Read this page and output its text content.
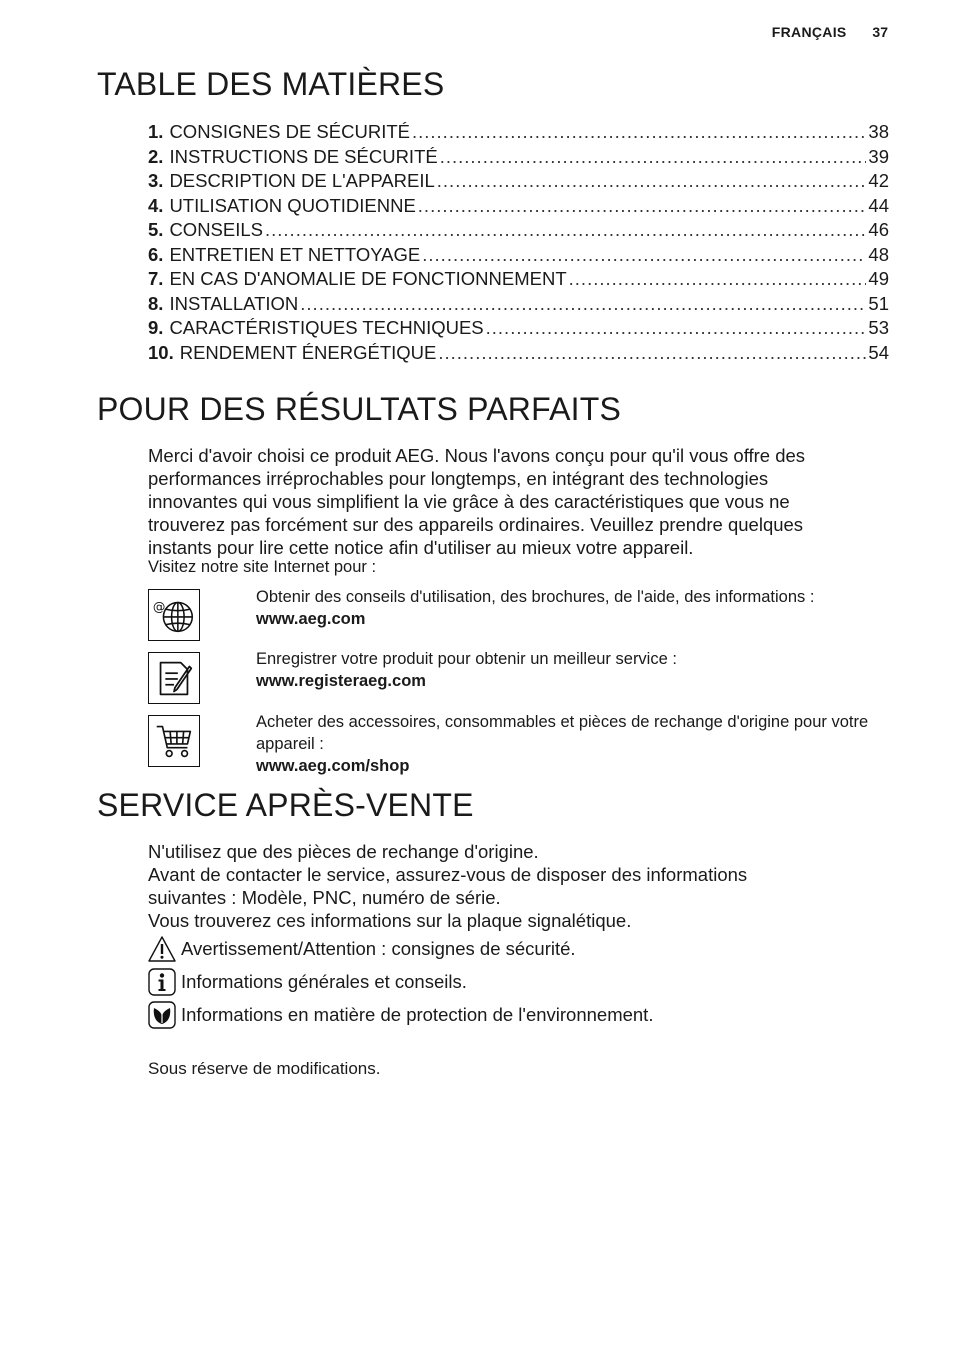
FRANÇAIS 37
TABLE DES MATIÈRES
1. CONSIGNES DE SÉCURITÉ .....	38
2. INSTRUCTIONS DE SÉCURITÉ .....	39
3. DESCRIPTION DE L'APPAREIL .....	42
4. UTILISATION QUOTIDIENNE .....	44
5. CONSEILS .....	46
6. ENTRETIEN ET NETTOYAGE .....	48
7. EN CAS D'ANOMALIE DE FONCTIONNEMENT .....	49
8. INSTALLATION .....	51
9. CARACTÉRISTIQUES TECHNIQUES .....	53
10. RENDEMENT ÉNERGÉTIQUE .....	54
POUR DES RÉSULTATS PARFAITS
Merci d'avoir choisi ce produit AEG. Nous l'avons conçu pour qu'il vous offre des
performances irréprochables pour longtemps, en intégrant des technologies
innovantes qui vous simplifient la vie grâce à des caractéristiques que vous ne
trouverez pas forcément sur des appareils ordinaires. Veuillez prendre quelques
instants pour lire cette notice afin d'utiliser au mieux votre appareil.
Visitez notre site Internet pour :
@
Obtenir des conseils d'utilisation, des brochures, de l'aide, des informations :
www.aeg.com
Enregistrer votre produit pour obtenir un meilleur service :
www.registeraeg.com
Acheter des accessoires, consommables et pièces de rechange d'origine pour votre appareil :
www.aeg.com/shop
SERVICE APRÈS-VENTE
N'utilisez que des pièces de rechange d'origine.
Avant de contacter le service, assurez-vous de disposer des informations
suivantes : Modèle, PNC, numéro de série.
Vous trouverez ces informations sur la plaque signalétique.
Avertissement/Attention : consignes de sécurité.
Informations générales et conseils.
Informations en matière de protection de l'environnement.
Sous réserve de modifications.
